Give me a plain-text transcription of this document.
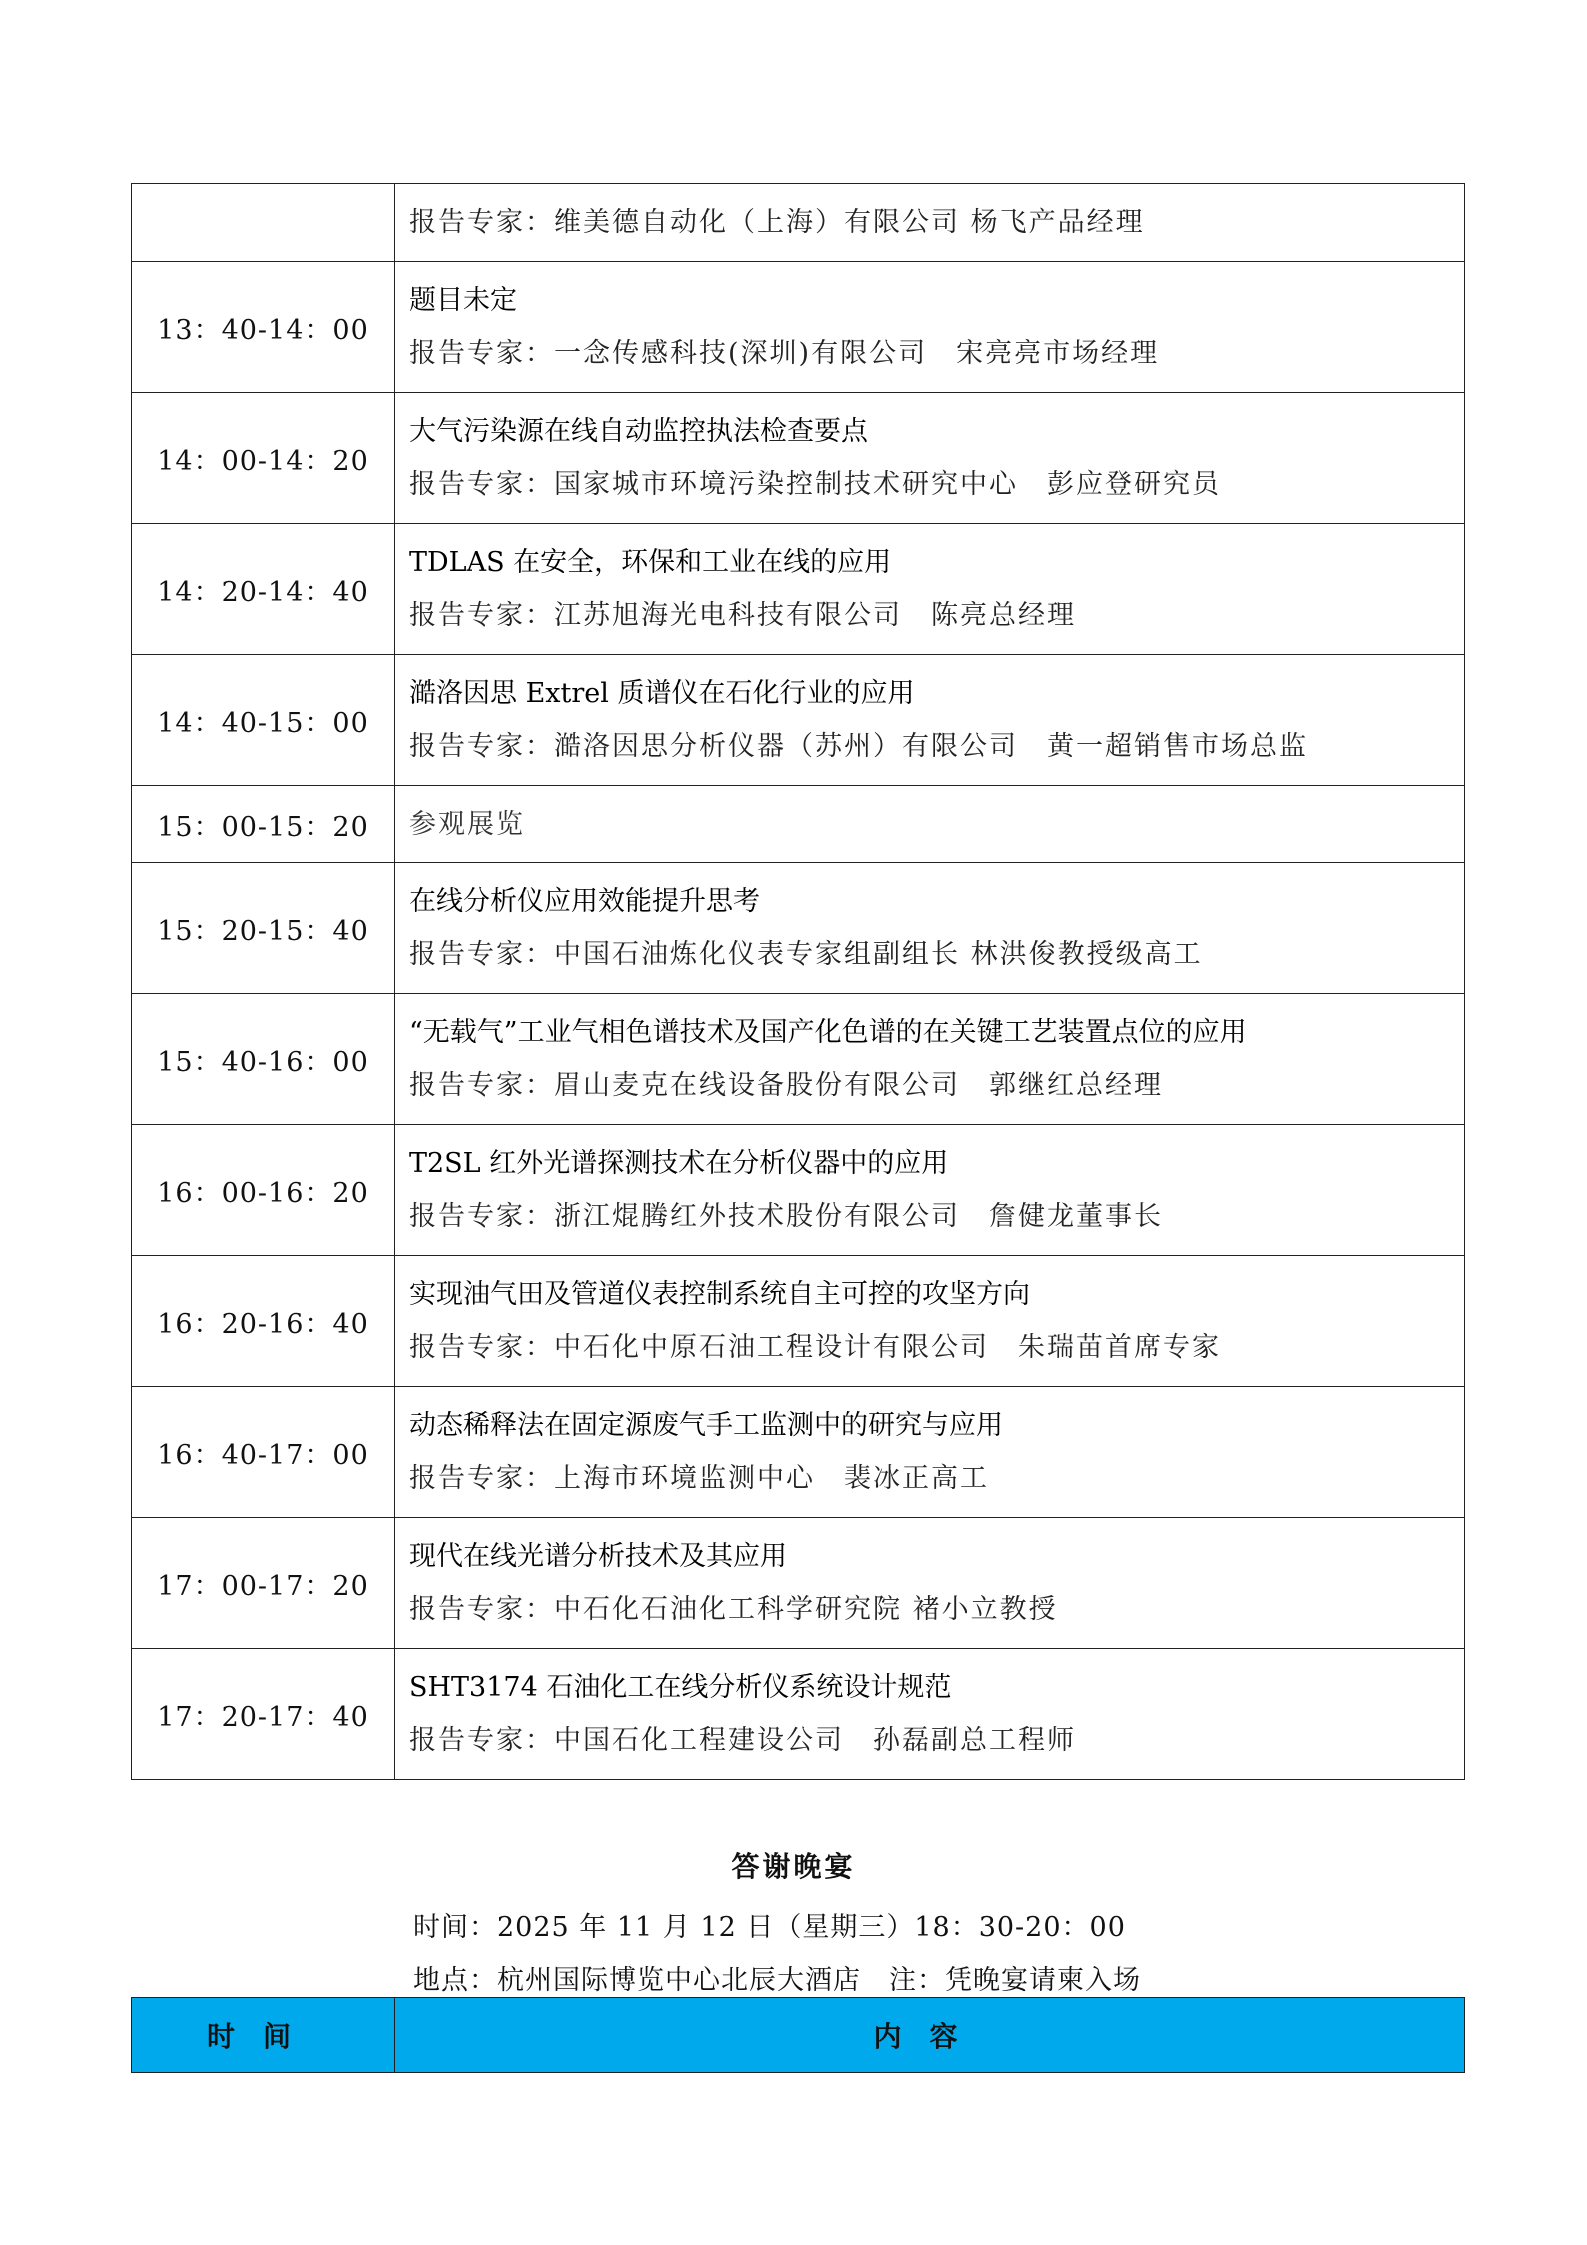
	报告专家：维美德自动化（上海）有限公司 杨飞产品经理

13：40-14：00	题目未定
报告专家：一念传感科技(深圳)有限公司　宋亮亮市场经理

14：00-14：20	大气污染源在线自动监控执法检查要点
报告专家：国家城市环境污染控制技术研究中心　彭应登研究员

14：20-14：40	TDLAS 在安全，环保和工业在线的应用
报告专家：江苏旭海光电科技有限公司　陈亮总经理

14：40-15：00	澔洛因思 Extrel 质谱仪在石化行业的应用
报告专家：澔洛因思分析仪器（苏州）有限公司　黄一超销售市场总监

15：00-15：20	参观展览

15：20-15：40	在线分析仪应用效能提升思考
报告专家：中国石油炼化仪表专家组副组长 林洪俊教授级高工

15：40-16：00	“无载气”工业气相色谱技术及国产化色谱的在关键工艺装置点位的应用
报告专家：眉山麦克在线设备股份有限公司　郭继红总经理

16：00-16：20	T2SL 红外光谱探测技术在分析仪器中的应用
报告专家：浙江焜腾红外技术股份有限公司　詹健龙董事长

16：20-16：40	实现油气田及管道仪表控制系统自主可控的攻坚方向
报告专家：中石化中原石油工程设计有限公司　朱瑞苗首席专家

16：40-17：00	动态稀释法在固定源废气手工监测中的研究与应用
报告专家：上海市环境监测中心　裴冰正高工

17：00-17：20	现代在线光谱分析技术及其应用
报告专家：中石化石油化工科学研究院 褚小立教授

17：20-17：40	SHT3174 石油化工在线分析仪系统设计规范
报告专家：中国石化工程建设公司　孙磊副总工程师
答谢晚宴
时间：2025 年 11 月 12 日（星期三）18：30-20：00
地点：杭州国际博览中心北辰大酒店　注：凭晚宴请柬入场
时间	内容
